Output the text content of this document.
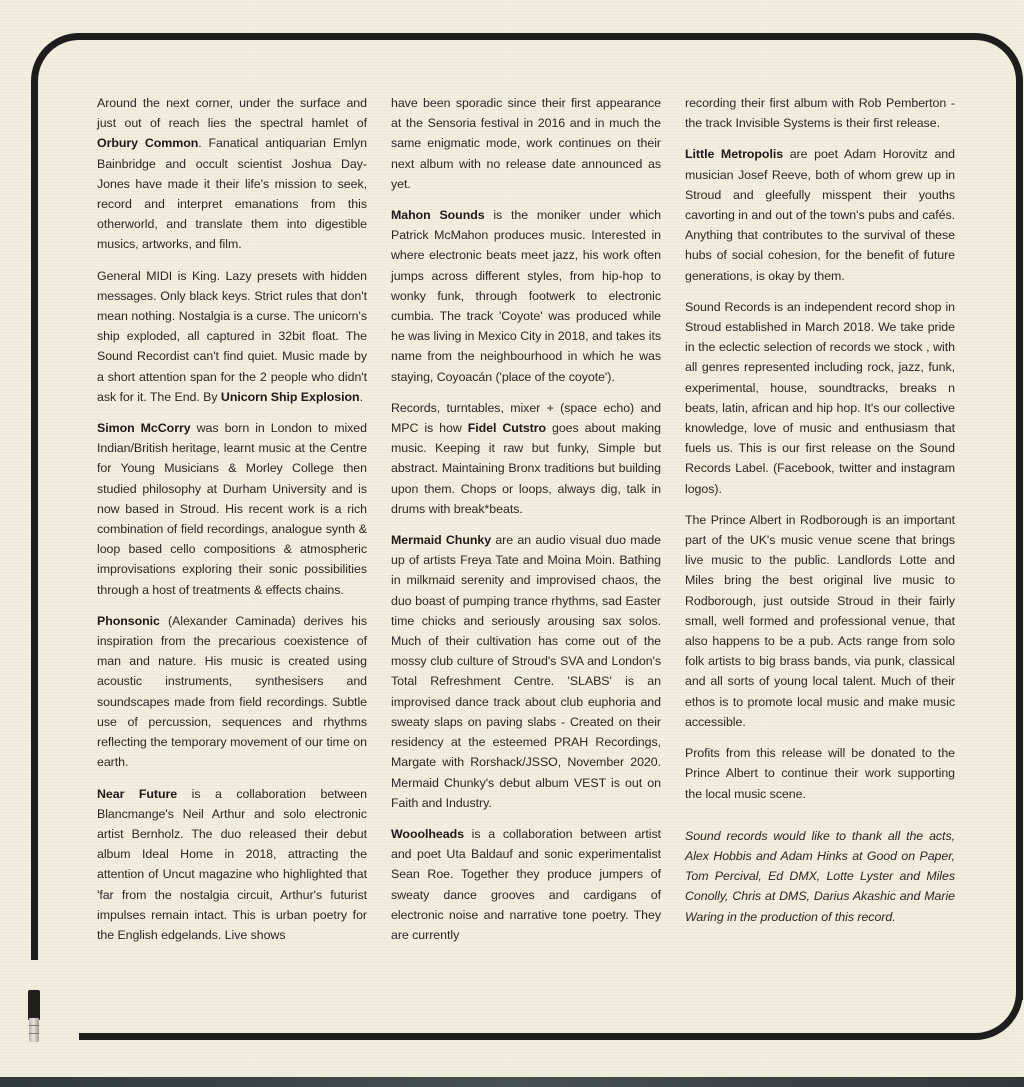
Around the next corner, under the surface and just out of reach lies the spectral hamlet of Orbury Common. Fanatical antiquarian Emlyn Bainbridge and occult scientist Joshua Day-Jones have made it their life's mission to seek, record and interpret emanations from this otherworld, and translate them into digestible musics, artworks, and film.

General MIDI is King. Lazy presets with hidden messages. Only black keys. Strict rules that don't mean nothing. Nostalgia is a curse. The unicorn's ship exploded, all captured in 32bit float. The Sound Recordist can't find quiet. Music made by a short attention span for the 2 people who didn't ask for it. The End. By Unicorn Ship Explosion.

Simon McCorry was born in London to mixed Indian/British heritage, learnt music at the Centre for Young Musicians & Morley College then studied philosophy at Durham University and is now based in Stroud. His recent work is a rich combination of field recordings, analogue synth & loop based cello compositions & atmospheric improvisations exploring their sonic possibilities through a host of treatments & effects chains.

Phonsonic (Alexander Caminada) derives his inspiration from the precarious coexistence of man and nature. His music is created using acoustic instruments, synthesisers and soundscapes made from field recordings. Subtle use of percussion, sequences and rhythms reflecting the temporary movement of our time on earth.

Near Future is a collaboration between Blancmange's Neil Arthur and solo electronic artist Bernholz. The duo released their debut album Ideal Home in 2018, attracting the attention of Uncut magazine who highlighted that 'far from the nostalgia circuit, Arthur's futurist impulses remain intact. This is urban poetry for the English edgelands. Live shows

have been sporadic since their first appearance at the Sensoria festival in 2016 and in much the same enigmatic mode, work continues on their next album with no release date announced as yet.

Mahon Sounds is the moniker under which Patrick McMahon produces music. Interested in where electronic beats meet jazz, his work often jumps across different styles, from hip-hop to wonky funk, through footwerk to electronic cumbia. The track 'Coyote' was produced while he was living in Mexico City in 2018, and takes its name from the neighbourhood in which he was staying, Coyoacán ('place of the coyote').

Records, turntables, mixer + (space echo) and MPC is how Fidel Cutstro goes about making music. Keeping it raw but funky, Simple but abstract. Maintaining Bronx traditions but building upon them. Chops or loops, always dig, talk in drums with break*beats.

Mermaid Chunky are an audio visual duo made up of artists Freya Tate and Moina Moin. Bathing in milkmaid serenity and improvised chaos, the duo boast of pumping trance rhythms, sad Easter time chicks and seriously arousing sax solos. Much of their cultivation has come out of the mossy club culture of Stroud's SVA and London's Total Refreshment Centre. 'SLABS' is an improvised dance track about club euphoria and sweaty slaps on paving slabs - Created on their residency at the esteemed PRAH Recordings, Margate with Rorshack/JSSO, November 2020. Mermaid Chunky's debut album VEST is out on Faith and Industry.

Wooolheads is a collaboration between artist and poet Uta Baldauf and sonic experimentalist Sean Roe. Together they produce jumpers of sweaty dance grooves and cardigans of electronic noise and narrative tone poetry. They are currently

recording their first album with Rob Pemberton - the track Invisible Systems is their first release.

Little Metropolis are poet Adam Horovitz and musician Josef Reeve, both of whom grew up in Stroud and gleefully misspent their youths cavorting in and out of the town's pubs and cafés. Anything that contributes to the survival of these hubs of social cohesion, for the benefit of future generations, is okay by them.

Sound Records is an independent record shop in Stroud established in March 2018. We take pride in the eclectic selection of records we stock , with all genres represented including rock, jazz, funk, experimental, house, soundtracks, breaks n beats, latin, african and hip hop. It's our collective knowledge, love of music and enthusiasm that fuels us. This is our first release on the Sound Records Label. (Facebook, twitter and instagram logos).

The Prince Albert in Rodborough is an important part of the UK's music venue scene that brings live music to the public. Landlords Lotte and Miles bring the best original live music to Rodborough, just outside Stroud in their fairly small, well formed and professional venue, that also happens to be a pub. Acts range from solo folk artists to big brass bands, via punk, classical and all sorts of young local talent. Much of their ethos is to promote local music and make music accessible.

Profits from this release will be donated to the Prince Albert to continue their work supporting the local music scene.

Sound records would like to thank all the acts, Alex Hobbis and Adam Hinks at Good on Paper, Tom Percival, Ed DMX, Lotte Lyster and Miles Conolly, Chris at DMS, Darius Akashic and Marie Waring in the production of this record.
